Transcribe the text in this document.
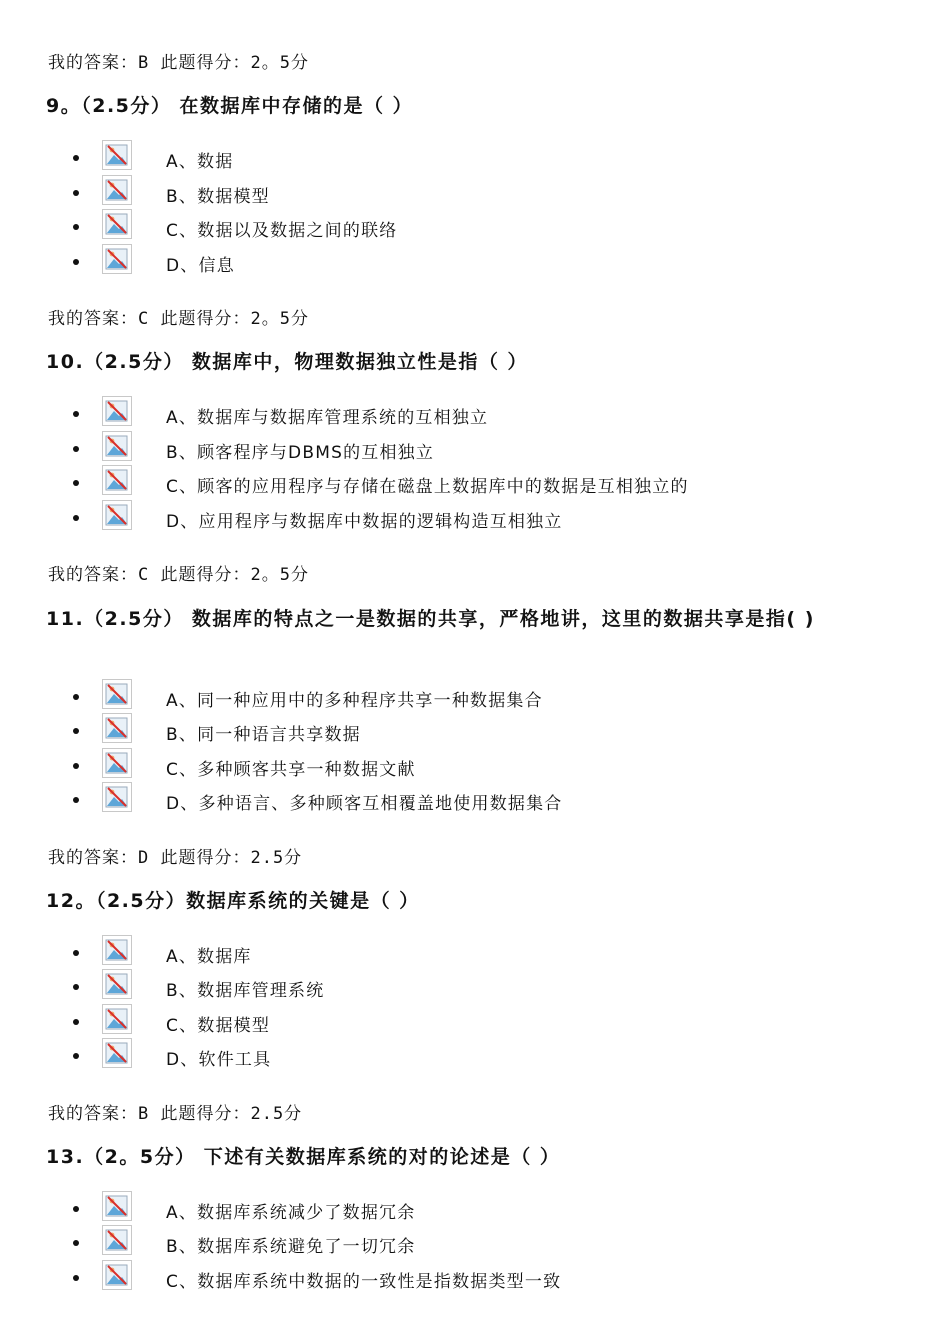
我的答案：B 此题得分：2。5分
9。（2.5分） 在数据库中存储的是（ ）
A、数据
B、数据模型
C、数据以及数据之间的联络
D、信息
我的答案：C 此题得分：2。5分
10.（2.5分） 数据库中，物理数据独立性是指（ ）
A、数据库与数据库管理系统的互相独立
B、顾客程序与DBMS的互相独立
C、顾客的应用程序与存储在磁盘上数据库中的数据是互相独立的
D、应用程序与数据库中数据的逻辑构造互相独立
我的答案：C 此题得分：2。5分
11.（2.5分） 数据库的特点之一是数据的共享，严格地讲，这里的数据共享是指( )
A、同一种应用中的多种程序共享一种数据集合
B、同一种语言共享数据
C、多种顾客共享一种数据文献
D、多种语言、多种顾客互相覆盖地使用数据集合
我的答案：D 此题得分：2.5分
12。（2.5分）数据库系统的关键是（ ）
A、数据库
B、数据库管理系统
C、数据模型
D、软件工具
我的答案：B 此题得分：2.5分
13.（2。5分） 下述有关数据库系统的对的论述是（ ）
A、数据库系统减少了数据冗余
B、数据库系统避免了一切冗余
C、数据库系统中数据的一致性是指数据类型一致
